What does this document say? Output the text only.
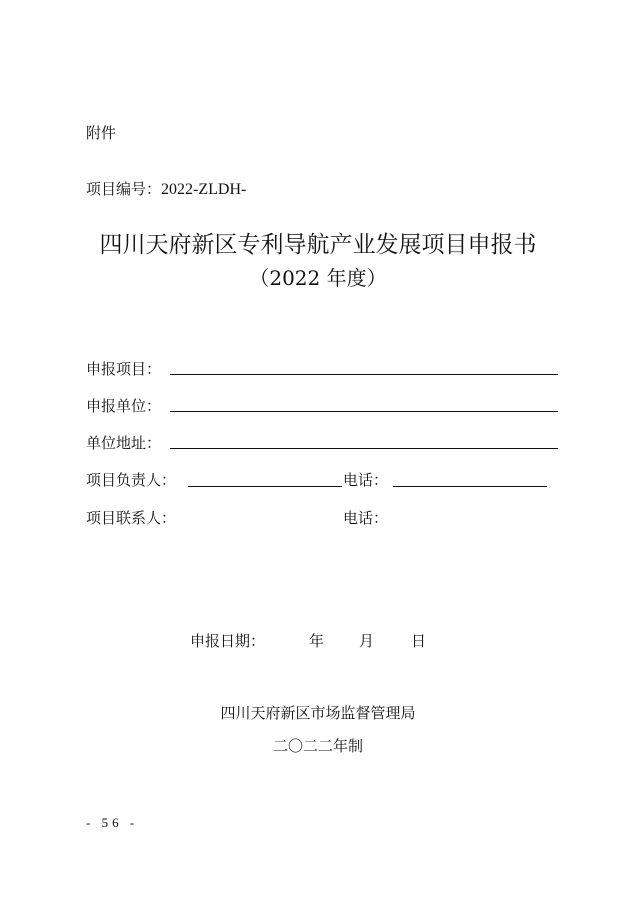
附件
项目编号：2022-ZLDH-
四川天府新区专利导航产业发展项目申报书
（2022 年度）
申报项目：
申报单位：
单位地址：
项目负责人：	电话：
项目联系人：	电话：
申报日期：	年 月 日
四川天府新区市场监督管理局
二〇二二年制
- 56 -
